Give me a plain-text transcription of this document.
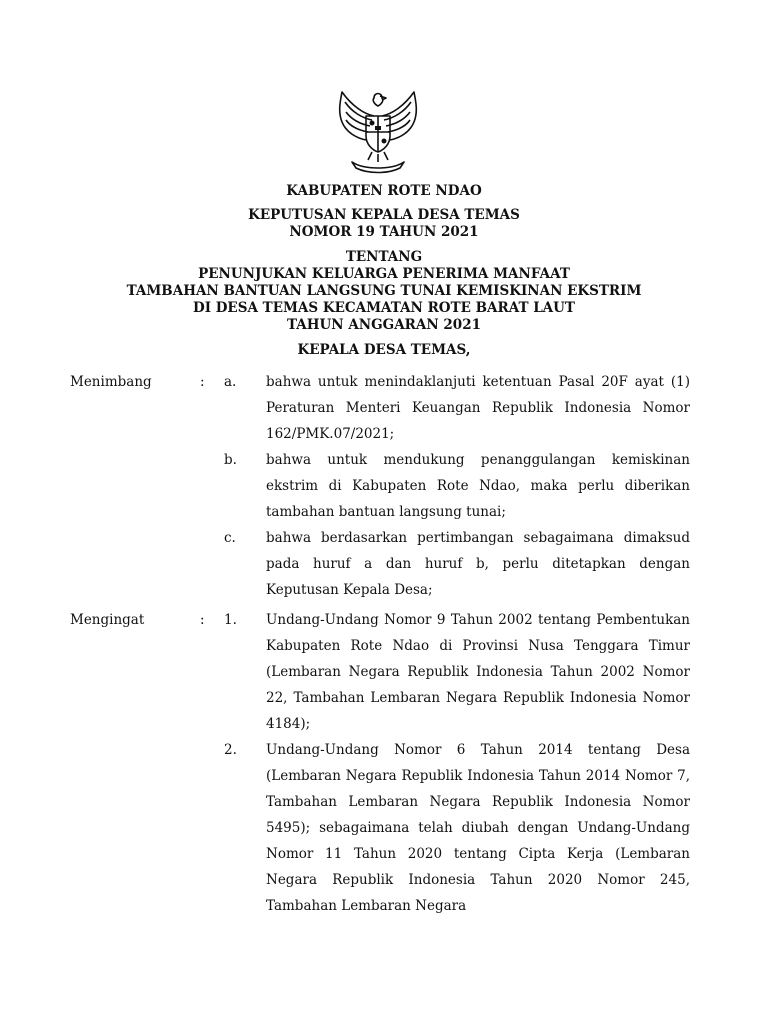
KABUPATEN ROTE NDAO
KEPUTUSAN KEPALA DESA TEMAS
NOMOR 19 TAHUN 2021
TENTANG
PENUNJUKAN KELUARGA PENERIMA MANFAAT
TAMBAHAN BANTUAN LANGSUNG TUNAI KEMISKINAN EKSTRIM
DI DESA TEMAS KECAMATAN ROTE BARAT LAUT
TAHUN ANGGARAN 2021
KEPALA DESA TEMAS,
Menimbang	: a.	bahwa untuk menindaklanjuti ketentuan Pasal 20F ayat (1) Peraturan Menteri Keuangan Republik Indonesia Nomor 162/PMK.07/2021;
b.	bahwa untuk mendukung penanggulangan kemiskinan ekstrim di Kabupaten Rote Ndao, maka perlu diberikan tambahan bantuan langsung tunai;
c.	bahwa berdasarkan pertimbangan sebagaimana dimaksud pada huruf a dan huruf b, perlu ditetapkan dengan Keputusan Kepala Desa;
Mengingat	: 1.	Undang-Undang Nomor 9 Tahun 2002 tentang Pembentukan Kabupaten Rote Ndao di Provinsi Nusa Tenggara Timur (Lembaran Negara Republik Indonesia Tahun 2002 Nomor 22, Tambahan Lembaran Negara Republik Indonesia Nomor 4184);
2.	Undang-Undang Nomor 6 Tahun 2014 tentang Desa (Lembaran Negara Republik Indonesia Tahun 2014 Nomor 7, Tambahan Lembaran Negara Republik Indonesia Nomor 5495); sebagaimana telah diubah dengan Undang-Undang Nomor 11 Tahun 2020 tentang Cipta Kerja (Lembaran Negara Republik Indonesia Tahun 2020 Nomor 245, Tambahan Lembaran Negara
